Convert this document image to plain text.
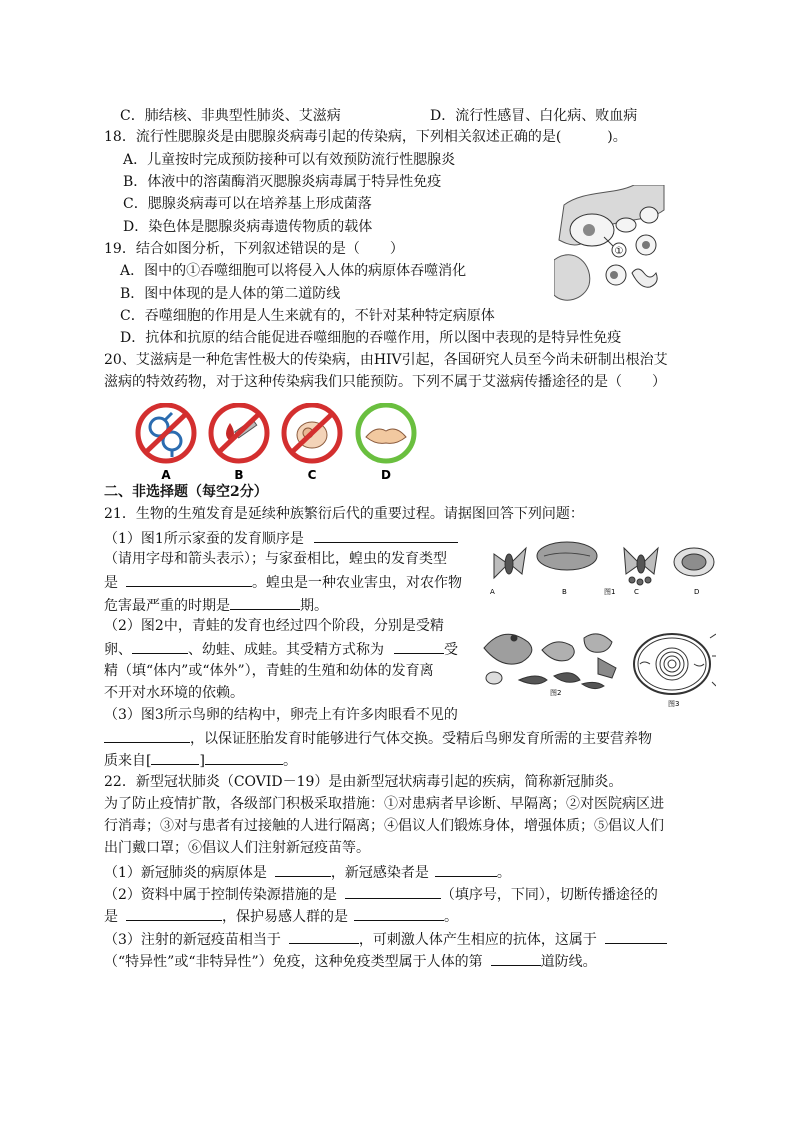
C．肺结核、非典型性肺炎、艾滋病	D．流行性感冒、白化病、败血病
18．流行性腮腺炎是由腮腺炎病毒引起的传染病，下列相关叙述正确的是(	)。
A．儿童按时完成预防接种可以有效预防流行性腮腺炎
B．体液中的溶菌酶消灭腮腺炎病毒属于特异性免疫
C．腮腺炎病毒可以在培养基上形成菌落
D．染色体是腮腺炎病毒遗传物质的载体
19．结合如图分析，下列叙述错误的是（ ）
A．图中的①吞噬细胞可以将侵入人体的病原体吞噬消化
B．图中体现的是人体的第二道防线
C．吞噬细胞的作用是人生来就有的，不针对某种特定病原体
D．抗体和抗原的结合能促进吞噬细胞的吞噬作用，所以图中表现的是特异性免疫
①
20、艾滋病是一种危害性极大的传染病，由HIV引起，各国研究人员至今尚未研制出根治艾
滋病的特效药物，对于这种传染病我们只能预防。下列不属于艾滋病传播途径的是（ ）
A	B	C	D
二、非选择题（每空2分）
21．生物的生殖发育是延续种族繁衍后代的重要过程。请据图回答下列问题：
（1）图1所示家蚕的发育顺序是
（请用字母和箭头表示）；与家蚕相比，蝗虫的发育类型
是	。蝗虫是一种农业害虫，对农作物
危害最严重的时期是	期。
（2）图2中，青蛙的发育也经过四个阶段，分别是受精
卵、	、幼蛙、成蛙。其受精方式称为	受
精（填“体内”或“体外”），青蛙的生殖和幼体的发育离
不开对水环境的依赖。
（3）图3所示鸟卵的结构中，卵壳上有许多肉眼看不见的
，以保证胚胎发育时能够进行气体交换。受精后鸟卵发育所需的主要营养物
质来自[	]	。
A	B	图1	C	D
图2
图3
22．新型冠状肺炎（COVID－19）是由新型冠状病毒引起的疾病，简称新冠肺炎。
为了防止疫情扩散，各级部门积极采取措施：①对患病者早诊断、早隔离；②对医院病区进
行消毒；③对与患者有过接触的人进行隔离；④倡议人们锻炼身体，增强体质；⑤倡议人们
出门戴口罩；⑥倡议人们注射新冠疫苗等。
（1）新冠肺炎的病原体是	，新冠感染者是	。
（2）资料中属于控制传染源措施的是	（填序号，下同），切断传播途径的
是	，保护易感人群的是	。
（3）注射的新冠疫苗相当于	，可刺激人体产生相应的抗体，这属于
（“特异性”或“非特异性”）免疫，这种免疫类型属于人体的第	道防线。
